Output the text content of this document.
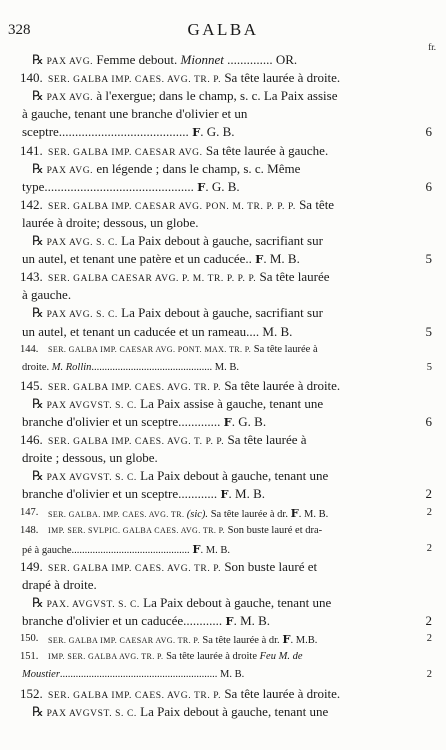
328	GALBA
fr.
℞ PAX AVG. Femme debout. Mionnet .............. OR.
140. SER. GALBA IMP. CAES. AVG. TR. P. Sa tête laurée à droite.
℞ PAX AVG. à l'exergue; dans le champ, s. c. La Paix assise
à gauche, tenant une branche d'olivier et un
sceptre........................................ F. G. B.	6
141. SER. GALBA IMP. CAESAR AVG. Sa tête laurée à gauche.
℞ PAX AVG. en légende ; dans le champ, s. c. Même
type.............................................. F. G. B.	6
142. SER. GALBA IMP. CAESAR AVG. PON. M. TR. P. P. P. Sa tête
laurée à droite; dessous, un globe.
℞ PAX AVG. S. C. La Paix debout à gauche, sacrifiant sur
un autel, et tenant une patère et un caducée.. F. M. B.	5
143. SER. GALBA CAESAR AVG. P. M. TR. P. P. P. Sa tête laurée
à gauche.
℞ PAX AVG. S. C. La Paix debout à gauche, sacrifiant sur
un autel, et tenant un caducée et un rameau.... M. B.	5
144. SER. GALBA IMP. CAESAR AVG. PONT. MAX. TR. P. Sa tête laurée à
droite. M. Rollin.............................................. M. B.	5
145. SER. GALBA IMP. CAES. AVG. TR. P. Sa tête laurée à droite.
℞ PAX AVGVST. S. C. La Paix assise à gauche, tenant une
branche d'olivier et un sceptre............. F. G. B.	6
146. SER. GALBA IMP. CAES. AVG. T. P. P. Sa tête laurée à
droite ; dessous, un globe.
℞ PAX AVGVST. S. C. La Paix debout à gauche, tenant une
branche d'olivier et un sceptre............ F. M. B.	2
147. SER. GALBA. IMP. CAES. AVG. TR. (sic). Sa tête laurée à dr. F. M. B.	2
148. IMP. SER. SVLPIC. GALBA CAES. AVG. TR. P. Son buste lauré et dra-
pé à gauche............................................. F. M. B.	2
149. SER. GALBA IMP. CAES. AVG. TR. P. Son buste lauré et
drapé à droite.
℞ PAX. AVGVST. S. C. La Paix debout à gauche, tenant une
branche d'olivier et un caducée............ F. M. B.	2
150. SER. GALBA IMP. CAESAR AVG. TR. P. Sa tête laurée à dr. F. M.B.	2
151. IMP. SER. GALBA AVG. TR. P. Sa tête laurée à droite Feu M. de
Moustier............................................................ M. B.	2
152. SER. GALBA IMP. CAES. AVG. TR. P. Sa tête laurée à droite.
℞ PAX AVGVST. S. C. La Paix debout à gauche, tenant une
